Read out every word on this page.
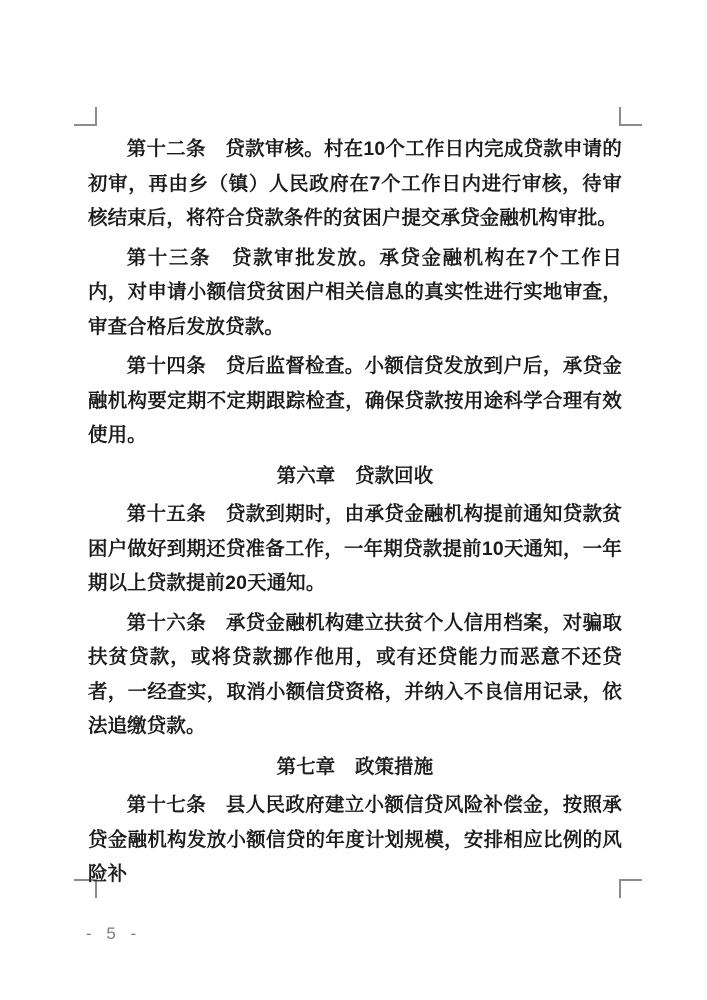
第十二条　贷款审核。村在10个工作日内完成贷款申请的初审，再由乡（镇）人民政府在7个工作日内进行审核，待审核结束后，将符合贷款条件的贫困户提交承贷金融机构审批。

第十三条　贷款审批发放。承贷金融机构在7个工作日内，对申请小额信贷贫困户相关信息的真实性进行实地审查，审查合格后发放贷款。

第十四条　贷后监督检查。小额信贷发放到户后，承贷金融机构要定期不定期跟踪检查，确保贷款按用途科学合理有效使用。

第六章　贷款回收

第十五条　贷款到期时，由承贷金融机构提前通知贷款贫困户做好到期还贷准备工作，一年期贷款提前10天通知，一年期以上贷款提前20天通知。

第十六条　承贷金融机构建立扶贫个人信用档案，对骗取扶贫贷款，或将贷款挪作他用，或有还贷能力而恶意不还贷者，一经查实，取消小额信贷资格，并纳入不良信用记录，依法追缴贷款。

第七章　政策措施

第十七条　县人民政府建立小额信贷风险补偿金，按照承贷金融机构发放小额信贷的年度计划规模，安排相应比例的风险补

- 5 -
